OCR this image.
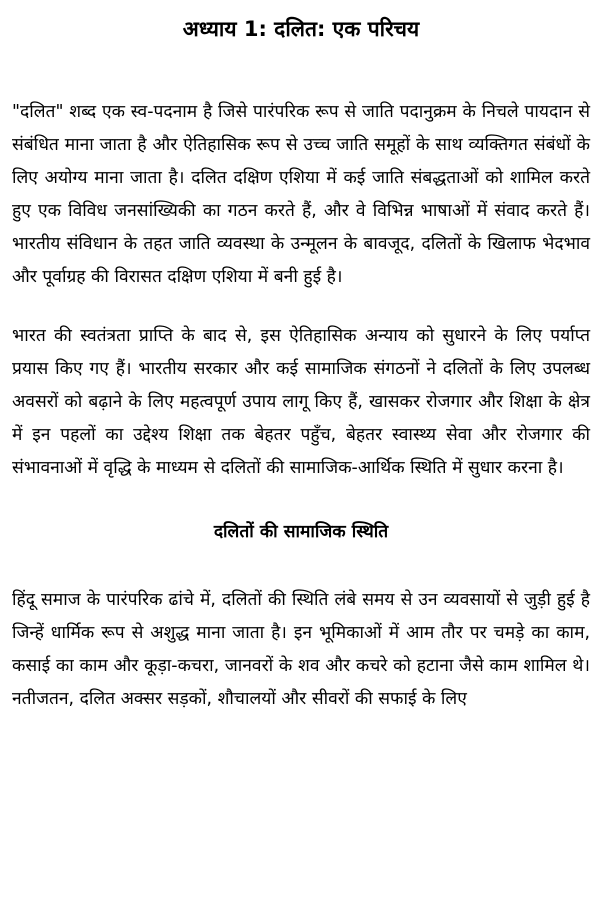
अध्याय 1: दलित: एक परिचय

"दलित" शब्द एक स्व-पदनाम है जिसे पारंपरिक रूप से जाति पदानुक्रम के निचले पायदान से संबंधित माना जाता है और ऐतिहासिक रूप से उच्च जाति समूहों के साथ व्यक्तिगत संबंधों के लिए अयोग्य माना जाता है। दलित दक्षिण एशिया में कई जाति संबद्धताओं को शामिल करते हुए एक विविध जनसांख्यिकी का गठन करते हैं, और वे विभिन्न भाषाओं में संवाद करते हैं। भारतीय संविधान के तहत जाति व्यवस्था के उन्मूलन के बावजूद, दलितों के खिलाफ भेदभाव और पूर्वाग्रह की विरासत दक्षिण एशिया में बनी हुई है।

भारत की स्वतंत्रता प्राप्ति के बाद से, इस ऐतिहासिक अन्याय को सुधारने के लिए पर्याप्त प्रयास किए गए हैं। भारतीय सरकार और कई सामाजिक संगठनों ने दलितों के लिए उपलब्ध अवसरों को बढ़ाने के लिए महत्वपूर्ण उपाय लागू किए हैं, खासकर रोजगार और शिक्षा के क्षेत्र में इन पहलों का उद्देश्य शिक्षा तक बेहतर पहुँच, बेहतर स्वास्थ्य सेवा और रोजगार की संभावनाओं में वृद्धि के माध्यम से दलितों की सामाजिक-आर्थिक स्थिति में सुधार करना है।

दलितों की सामाजिक स्थिति

हिंदू समाज के पारंपरिक ढांचे में, दलितों की स्थिति लंबे समय से उन व्यवसायों से जुड़ी हुई है जिन्हें धार्मिक रूप से अशुद्ध माना जाता है। इन भूमिकाओं में आम तौर पर चमड़े का काम, कसाई का काम और कूड़ा-कचरा, जानवरों के शव और कचरे को हटाना जैसे काम शामिल थे। नतीजतन, दलित अक्सर सड़कों, शौचालयों और सीवरों की सफाई के लिए
